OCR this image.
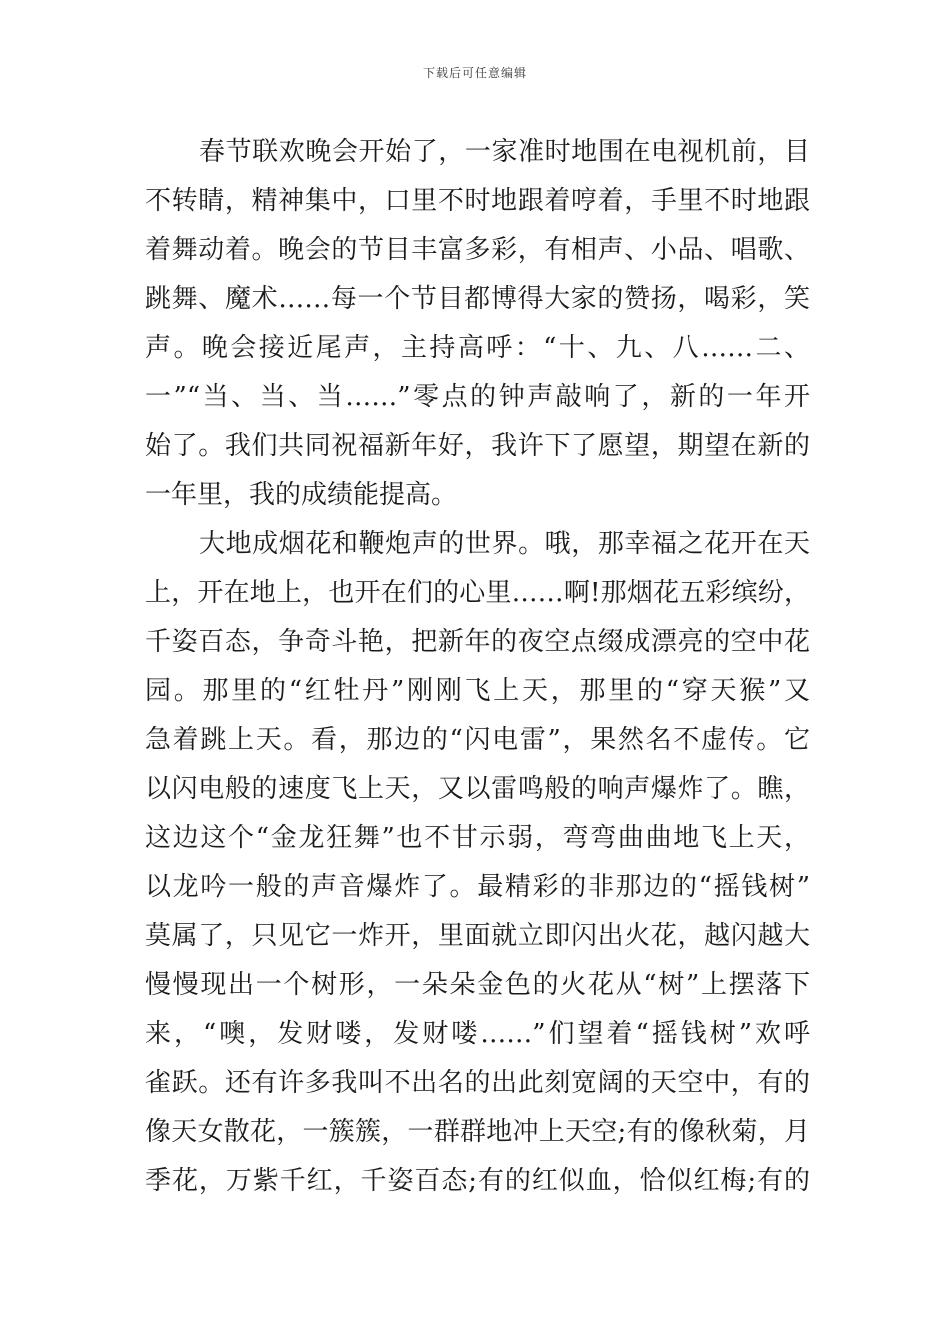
下载后可任意编辑
春节联欢晚会开始了，一家准时地围在电视机前，目
不转睛，精神集中，口里不时地跟着哼着，手里不时地跟
着舞动着。晚会的节目丰富多彩，有相声、小品、唱歌、
跳舞、魔术……每一个节目都博得大家的赞扬，喝彩，笑
声。晚会接近尾声，主持高呼：“十、九、八……二、
一”“当、当、当……”零点的钟声敲响了，新的一年开
始了。我们共同祝福新年好，我许下了愿望，期望在新的
一年里，我的成绩能提高。
大地成烟花和鞭炮声的世界。哦，那幸福之花开在天
上，开在地上，也开在们的心里……啊!那烟花五彩缤纷，
千姿百态，争奇斗艳，把新年的夜空点缀成漂亮的空中花
园。那里的“红牡丹”刚刚飞上天，那里的“穿天猴”又
急着跳上天。看，那边的“闪电雷”，果然名不虚传。它
以闪电般的速度飞上天，又以雷鸣般的响声爆炸了。瞧，
这边这个“金龙狂舞”也不甘示弱，弯弯曲曲地飞上天，
以龙吟一般的声音爆炸了。最精彩的非那边的“摇钱树”
莫属了，只见它一炸开，里面就立即闪出火花，越闪越大
慢慢现出一个树形，一朵朵金色的火花从“树”上摆落下
来，“噢，发财喽，发财喽……”们望着“摇钱树”欢呼
雀跃。还有许多我叫不出名的出此刻宽阔的天空中，有的
像天女散花，一簇簇，一群群地冲上天空;有的像秋菊，月
季花，万紫千红，千姿百态;有的红似血，恰似红梅;有的
